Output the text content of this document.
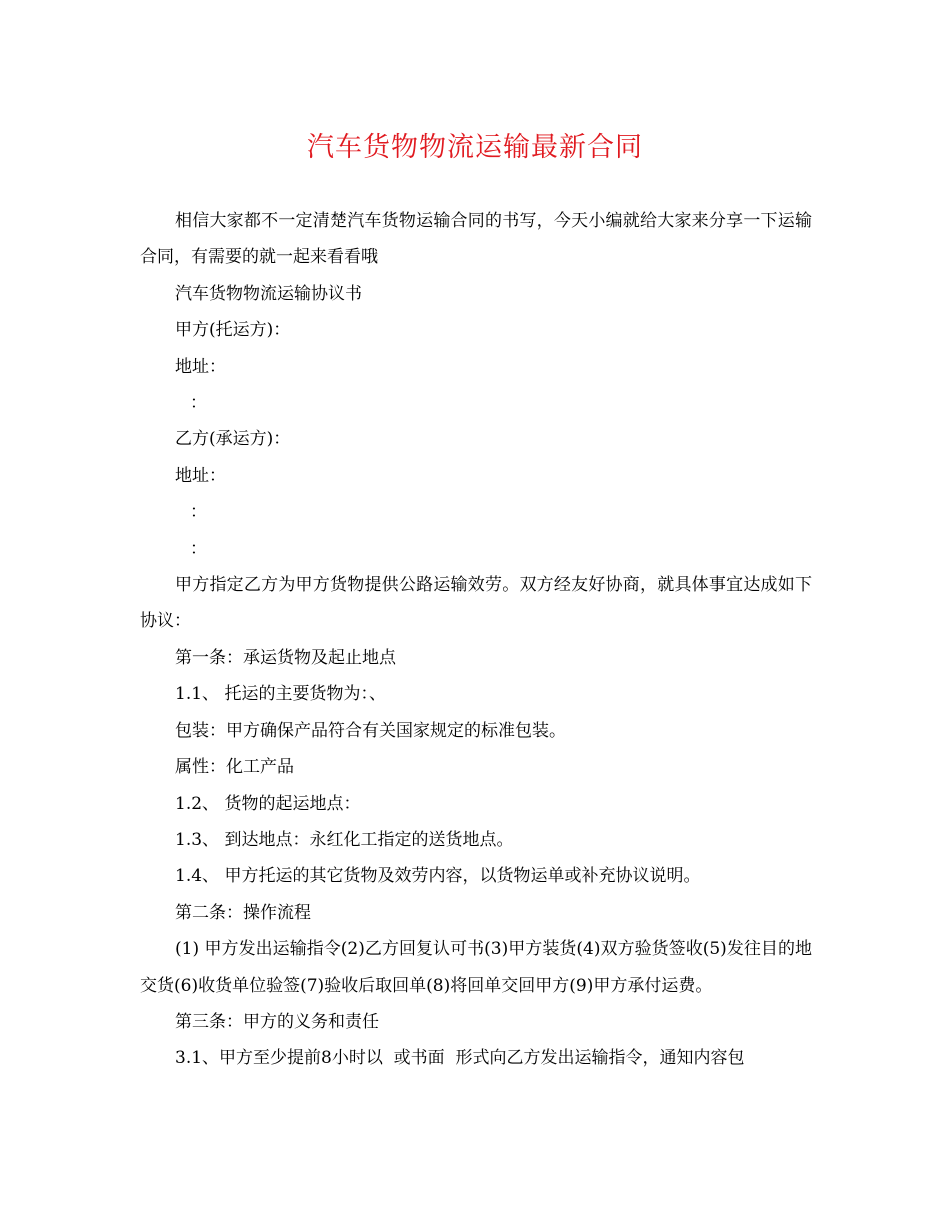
汽车货物物流运输最新合同

相信大家都不一定清楚汽车货物运输合同的书写，今天小编就给大家来分享一下运输合同，有需要的就一起来看看哦

汽车货物物流运输协议书

甲方(托运方)：

地址：

：

乙方(承运方)：

地址：

：

：

甲方指定乙方为甲方货物提供公路运输效劳。双方经友好协商，就具体事宜达成如下协议：

第一条：承运货物及起止地点

1.1、 托运的主要货物为：、

包装：甲方确保产品符合有关国家规定的标准包装。

属性：化工产品

1.2、 货物的起运地点：

1.3、 到达地点：永红化工指定的送货地点。

1.4、 甲方托运的其它货物及效劳内容，以货物运单或补充协议说明。

第二条：操作流程

(1) 甲方发出运输指令(2)乙方回复认可书(3)甲方装货(4)双方验货签收(5)发往目的地交货(6)收货单位验签(7)验收后取回单(8)将回单交回甲方(9)甲方承付运费。

第三条：甲方的义务和责任

3.1、甲方至少提前8小时以  或书面  形式向乙方发出运输指令，通知内容包
